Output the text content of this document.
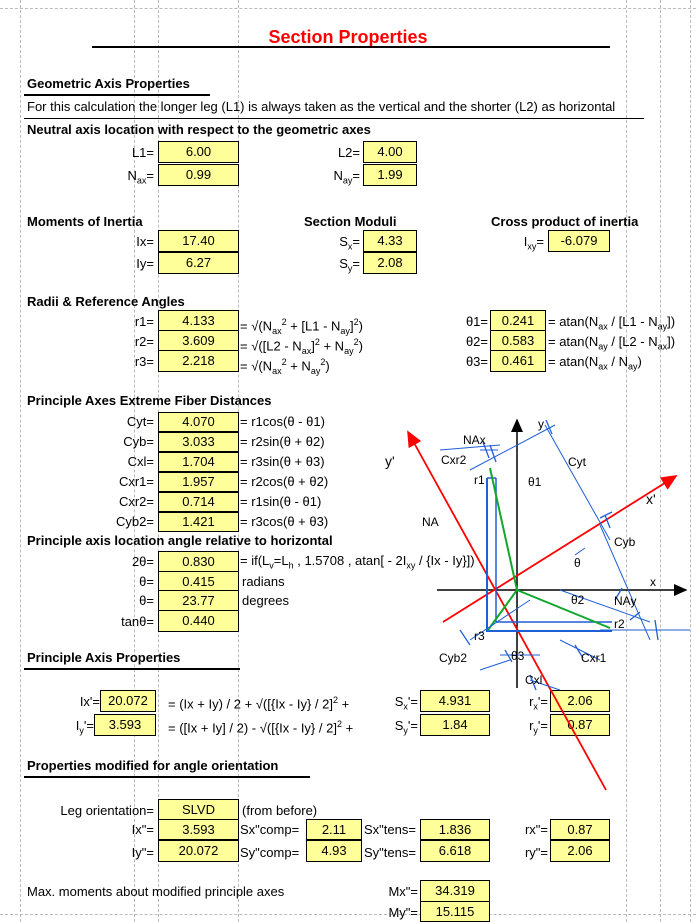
Section Properties
Geometric Axis Properties
For this calculation the longer leg (L1) is always taken as the vertical and the shorter (L2) as horizontal
Neutral axis location with respect to the geometric axes
L1=	6.00	L2=	4.00
$N_{ax}=$	0.99	$N_{ay}=$	1.99
Moments of Inertia
Ix=	17.40
Iy=	6.27
Section Moduli
$S_x=$	4.33
$S_y=$	2.08
Cross product of inertia
$I_{xy}=$	-6.079
Radii & Reference Angles
r1=	4.133	= $√(N_{ax}^2 + [L1 - N_{ay}]^2)$
r2=	3.609	= $√([L2 - N_{ax}]^2 + N_{ay}^2)$
r3=	2.218	= $√(N_{ax}^2 + N_{ay}^2)$
θ1=	0.241	= $atan(N_{ax} / [L1 - N_{ay}])$
θ2=	0.583	= $atan(N_{ay} / [L2 - N_{ax}])$
θ3=	0.461	= $atan(N_{ax} / N_{ay})$
Principle Axes Extreme Fiber Distances
Cyt=	4.070	= r1cos(θ - θ1)
Cyb=	3.033	= r2sin(θ + θ2)
Cxl=	1.704	= r3sin(θ + θ3)
Cxr1=	1.957	= r2cos(θ + θ2)
Cxr2=	0.714	= r1sin(θ - θ1)
Cyb2=	1.421	= r3cos(θ + θ3)
Principle axis location angle relative to horizontal
2θ=	0.830	= $if(L_v=L_h$ , 1.5708 , $atan[ - 2I_{xy} / \{Ix - Iy\}]$)
θ=	0.415	radians
θ=	23.77	degrees
tanθ=	0.440
Principle Axis Properties
Ix'= 20.072	= (Ix + Iy) / 2 + √([{Ix - Iy} / 2]$^2$ +
$I_y'=$	3.593	= ([Ix + Iy] / 2) - √([{Ix - Iy} / 2]$^2$ +
$S_x'=$	4.931
$S_y'=$	1.84
$r_x'=$	2.06
$r_y'=$	0.87
Properties modified for angle orientation
Leg orientation=	SLVD	(from before)
Ix"=	3.593
Iy"=	20.072
Sx"comp=	2.11
Sy"comp=	4.93
Sx"tens=	1.836
Sy"tens=	6.618
rx"=	0.87
ry"=	2.06
Max. moments about modified principle axes	Mx"=	34.319
My"=	15.115
y
y'
x
x'
NAx
NAy
NA
Cxr2
r1	θ1
Cyt
Cyb
θ
θ2
r2
r3
θ3
Cyb2	Cxr1
Cxl
